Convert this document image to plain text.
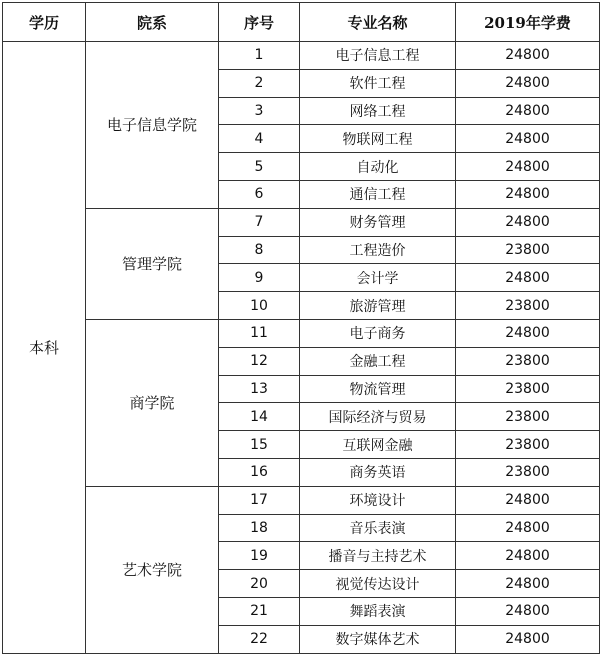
学历	院系	序号	专业名称	2019年学费
本科	电子信息学院	1	电子信息工程	24800
		2	软件工程	24800
		3	网络工程	24800
		4	物联网工程	24800
		5	自动化	24800
		6	通信工程	24800
	管理学院	7	财务管理	24800
		8	工程造价	23800
		9	会计学	24800
		10	旅游管理	23800
	商学院	11	电子商务	24800
		12	金融工程	23800
		13	物流管理	23800
		14	国际经济与贸易	23800
		15	互联网金融	23800
		16	商务英语	23800
	艺术学院	17	环境设计	24800
		18	音乐表演	24800
		19	播音与主持艺术	24800
		20	视觉传达设计	24800
		21	舞蹈表演	24800
		22	数字媒体艺术	24800
